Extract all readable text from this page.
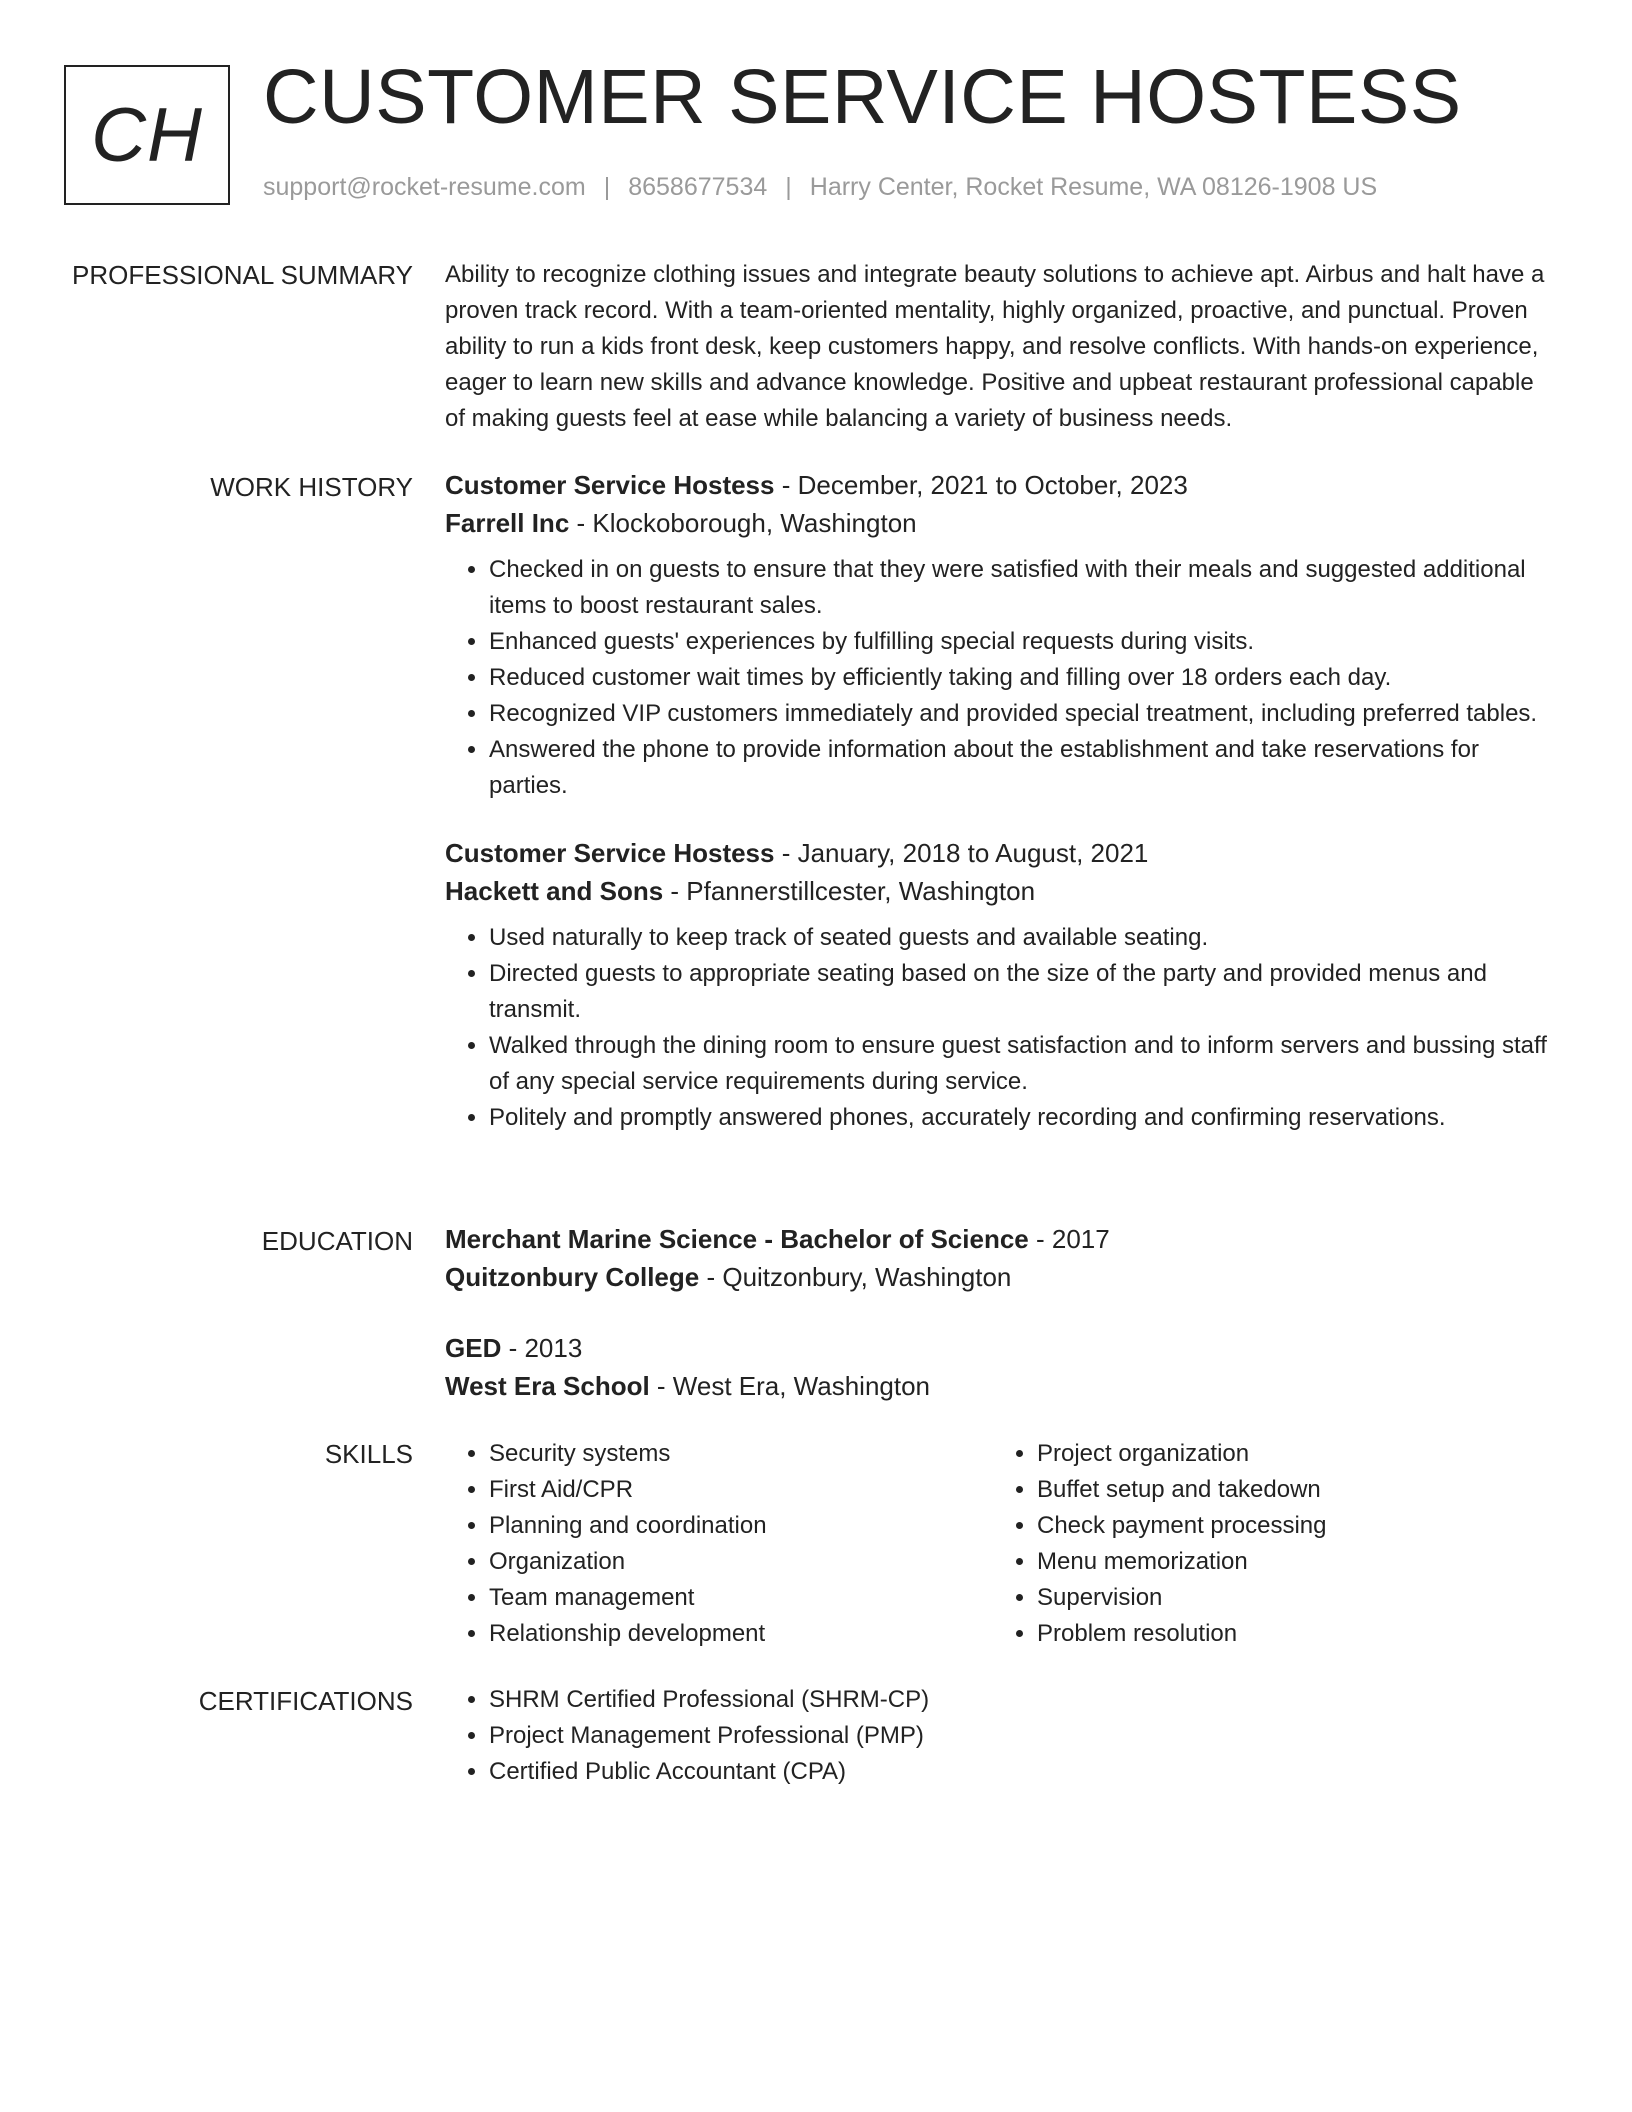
CH CUSTOMER SERVICE HOSTESS
support@rocket-resume.com | 8658677534 | Harry Center, Rocket Resume, WA 08126-1908 US
PROFESSIONAL SUMMARY Ability to recognize clothing issues and integrate beauty solutions to achieve apt. Airbus and halt have a proven track record. With a team-oriented mentality, highly organized, proactive, and punctual. Proven ability to run a kids front desk, keep customers happy, and resolve conflicts. With hands-on experience, eager to learn new skills and advance knowledge. Positive and upbeat restaurant professional capable of making guests feel at ease while balancing a variety of business needs.

WORK HISTORY Customer Service Hostess - December, 2021 to October, 2023

Farrell Inc - Klockoborough, Washington

• Checked in on guests to ensure that they were satisfied with their meals and suggested additional items to boost restaurant sales.
• Enhanced guests' experiences by fulfilling special requests during visits.
• Reduced customer wait times by efficiently taking and filling over 18 orders each day.
• Recognized VIP customers immediately and provided special treatment, including preferred tables.
• Answered the phone to provide information about the establishment and take reservations for parties.

Customer Service Hostess - January, 2018 to August, 2021

Hackett and Sons - Pfannerstillcester, Washington

• Used naturally to keep track of seated guests and available seating.
• Directed guests to appropriate seating based on the size of the party and provided menus and transmit.
• Walked through the dining room to ensure guest satisfaction and to inform servers and bussing staff of any special service requirements during service.
• Politely and promptly answered phones, accurately recording and confirming reservations.
EDUCATION Merchant Marine Science - Bachelor of Science - 2017

Quitzonbury College - Quitzonbury, Washington

GED - 2013

West Era School - West Era, Washington

SKILLS	• Security systems
• First Aid/CPR
• Planning and coordination
• Organization
• Team management
• Relationship development
• Project organization
• Buffet setup and takedown
• Check payment processing
• Menu memorization
• Supervision
• Problem resolution
CERTIFICATIONS	• SHRM Certified Professional (SHRM-CP)
• Project Management Professional (PMP)
• Certified Public Accountant (CPA)
